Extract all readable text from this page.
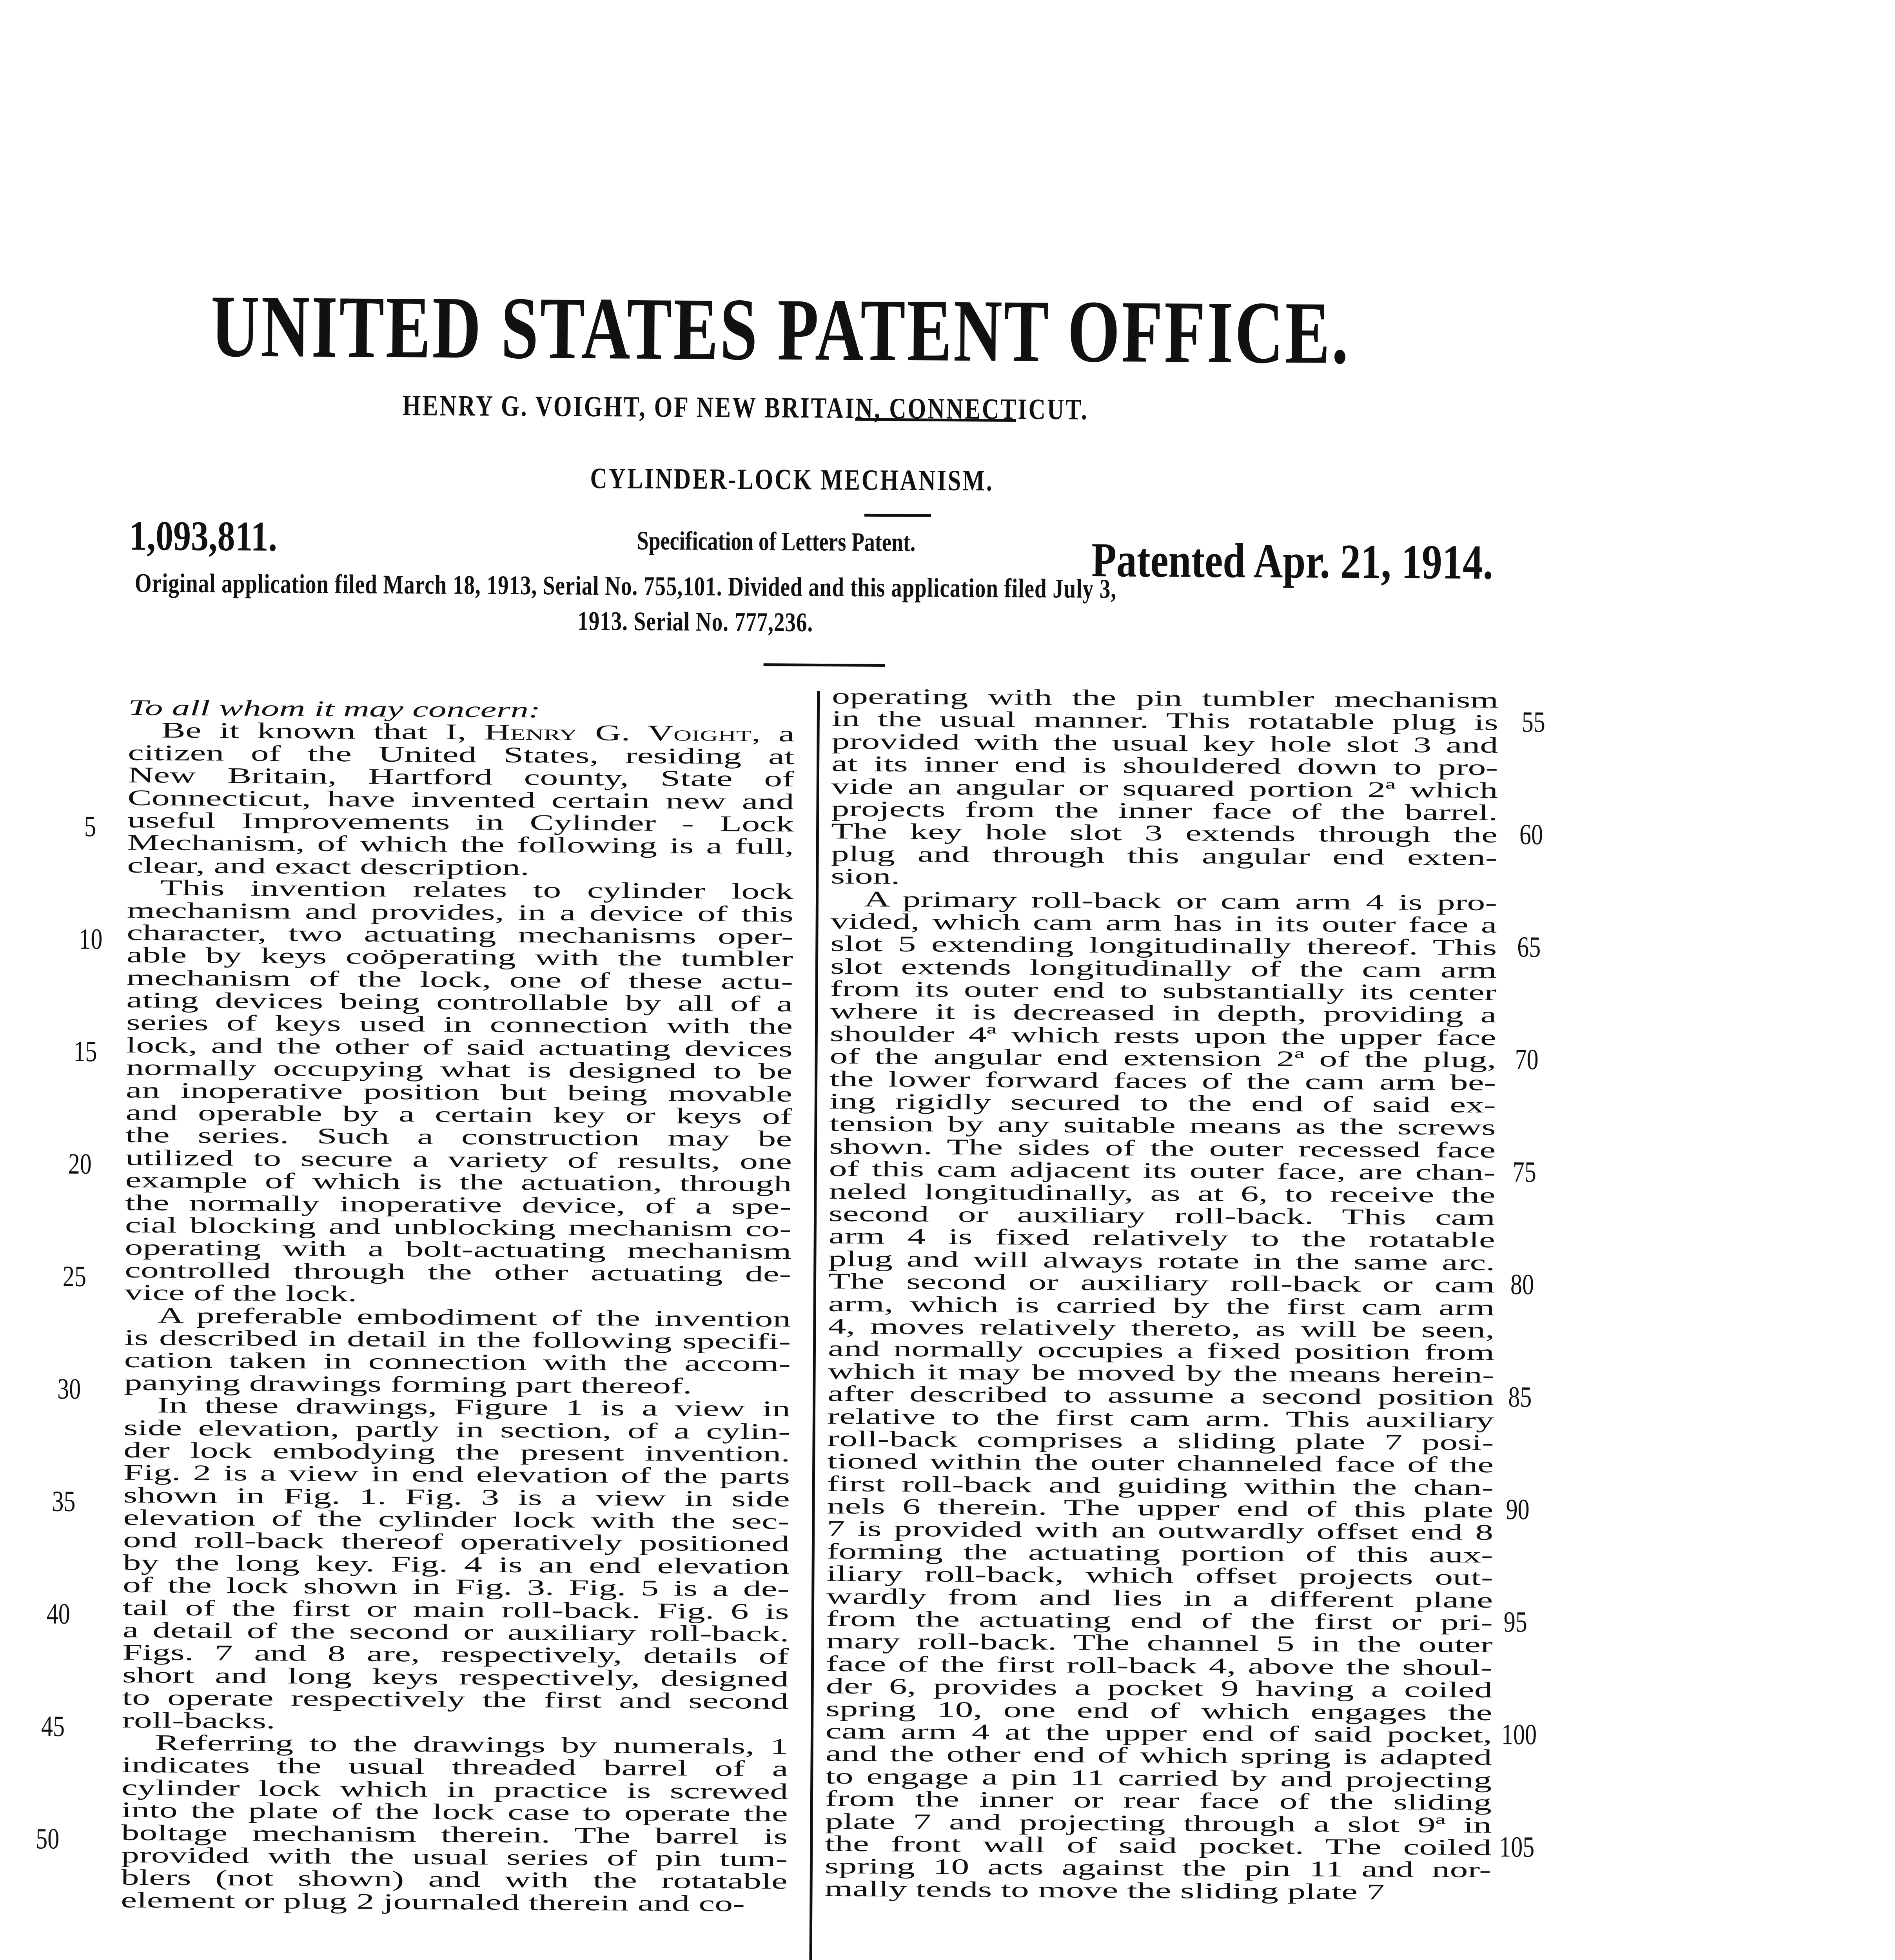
UNITED STATES PATENT OFFICE.
HENRY G. VOIGHT, OF NEW BRITAIN, CONNECTICUT.
CYLINDER-LOCK MECHANISM.
1,093,811.	Specification of Letters Patent.	Patented Apr. 21, 1914.
Original application filed March 18, 1913, Serial No. 755,101. Divided and this application filed July 3,
1913. Serial No. 777,236.
To all whom it may concern:
Be it known that I, Henry G. Voight, a
citizen of the United States, residing at
New Britain, Hartford county, State of
Connecticut, have invented certain new and
useful Improvements in Cylinder - Lock
Mechanism, of which the following is a full,
clear, and exact description.
This invention relates to cylinder lock
mechanism and provides, in a device of this
character, two actuating mechanisms oper-
able by keys coöperating with the tumbler
mechanism of the lock, one of these actu-
ating devices being controllable by all of a
series of keys used in connection with the
lock, and the other of said actuating devices
normally occupying what is designed to be
an inoperative position but being movable
and operable by a certain key or keys of
the series. Such a construction may be
utilized to secure a variety of results, one
example of which is the actuation, through
the normally inoperative device, of a spe-
cial blocking and unblocking mechanism co-
operating with a bolt-actuating mechanism
controlled through the other actuating de-
vice of the lock.
A preferable embodiment of the invention
is described in detail in the following specifi-
cation taken in connection with the accom-
panying drawings forming part thereof.
In these drawings, Figure 1 is a view in
side elevation, partly in section, of a cylin-
der lock embodying the present invention.
Fig. 2 is a view in end elevation of the parts
shown in Fig. 1. Fig. 3 is a view in side
elevation of the cylinder lock with the sec-
ond roll-back thereof operatively positioned
by the long key. Fig. 4 is an end elevation
of the lock shown in Fig. 3. Fig. 5 is a de-
tail of the first or main roll-back. Fig. 6 is
a detail of the second or auxiliary roll-back.
Figs. 7 and 8 are, respectively, details of
short and long keys respectively, designed
to operate respectively the first and second
roll-backs.
Referring to the drawings by numerals, 1
indicates the usual threaded barrel of a
cylinder lock which in practice is screwed
into the plate of the lock case to operate the
boltage mechanism therein. The barrel is
provided with the usual series of pin tum-
blers (not shown) and with the rotatable
element or plug 2 journaled therein and co-
operating with the pin tumbler mechanism
in the usual manner. This rotatable plug is
provided with the usual key hole slot 3 and
at its inner end is shouldered down to pro-
vide an angular or squared portion 2ª which
projects from the inner face of the barrel.
The key hole slot 3 extends through the
plug and through this angular end exten-
sion.
A primary roll-back or cam arm 4 is pro-
vided, which cam arm has in its outer face a
slot 5 extending longitudinally thereof. This
slot extends longitudinally of the cam arm
from its outer end to substantially its center
where it is decreased in depth, providing a
shoulder 4ª which rests upon the upper face
of the angular end extension 2ª of the plug,
the lower forward faces of the cam arm be-
ing rigidly secured to the end of said ex-
tension by any suitable means as the screws
shown. The sides of the outer recessed face
of this cam adjacent its outer face, are chan-
neled longitudinally, as at 6, to receive the
second or auxiliary roll-back. This cam
arm 4 is fixed relatively to the rotatable
plug and will always rotate in the same arc.
The second or auxiliary roll-back or cam
arm, which is carried by the first cam arm
4, moves relatively thereto, as will be seen,
and normally occupies a fixed position from
which it may be moved by the means herein-
after described to assume a second position
relative to the first cam arm. This auxiliary
roll-back comprises a sliding plate 7 posi-
tioned within the outer channeled face of the
first roll-back and guiding within the chan-
nels 6 therein. The upper end of this plate
7 is provided with an outwardly offset end 8
forming the actuating portion of this aux-
iliary roll-back, which offset projects out-
wardly from and lies in a different plane
from the actuating end of the first or pri-
mary roll-back. The channel 5 in the outer
face of the first roll-back 4, above the shoul-
der 6, provides a pocket 9 having a coiled
spring 10, one end of which engages the
cam arm 4 at the upper end of said pocket,
and the other end of which spring is adapted
to engage a pin 11 carried by and projecting
from the inner or rear face of the sliding
plate 7 and projecting through a slot 9ª in
the front wall of said pocket. The coiled
spring 10 acts against the pin 11 and nor-
mally tends to move the sliding plate 7
5
10
15
20
25
30
35
40
45
50
55
60
65
70
75
80
85
90
95
100
105
